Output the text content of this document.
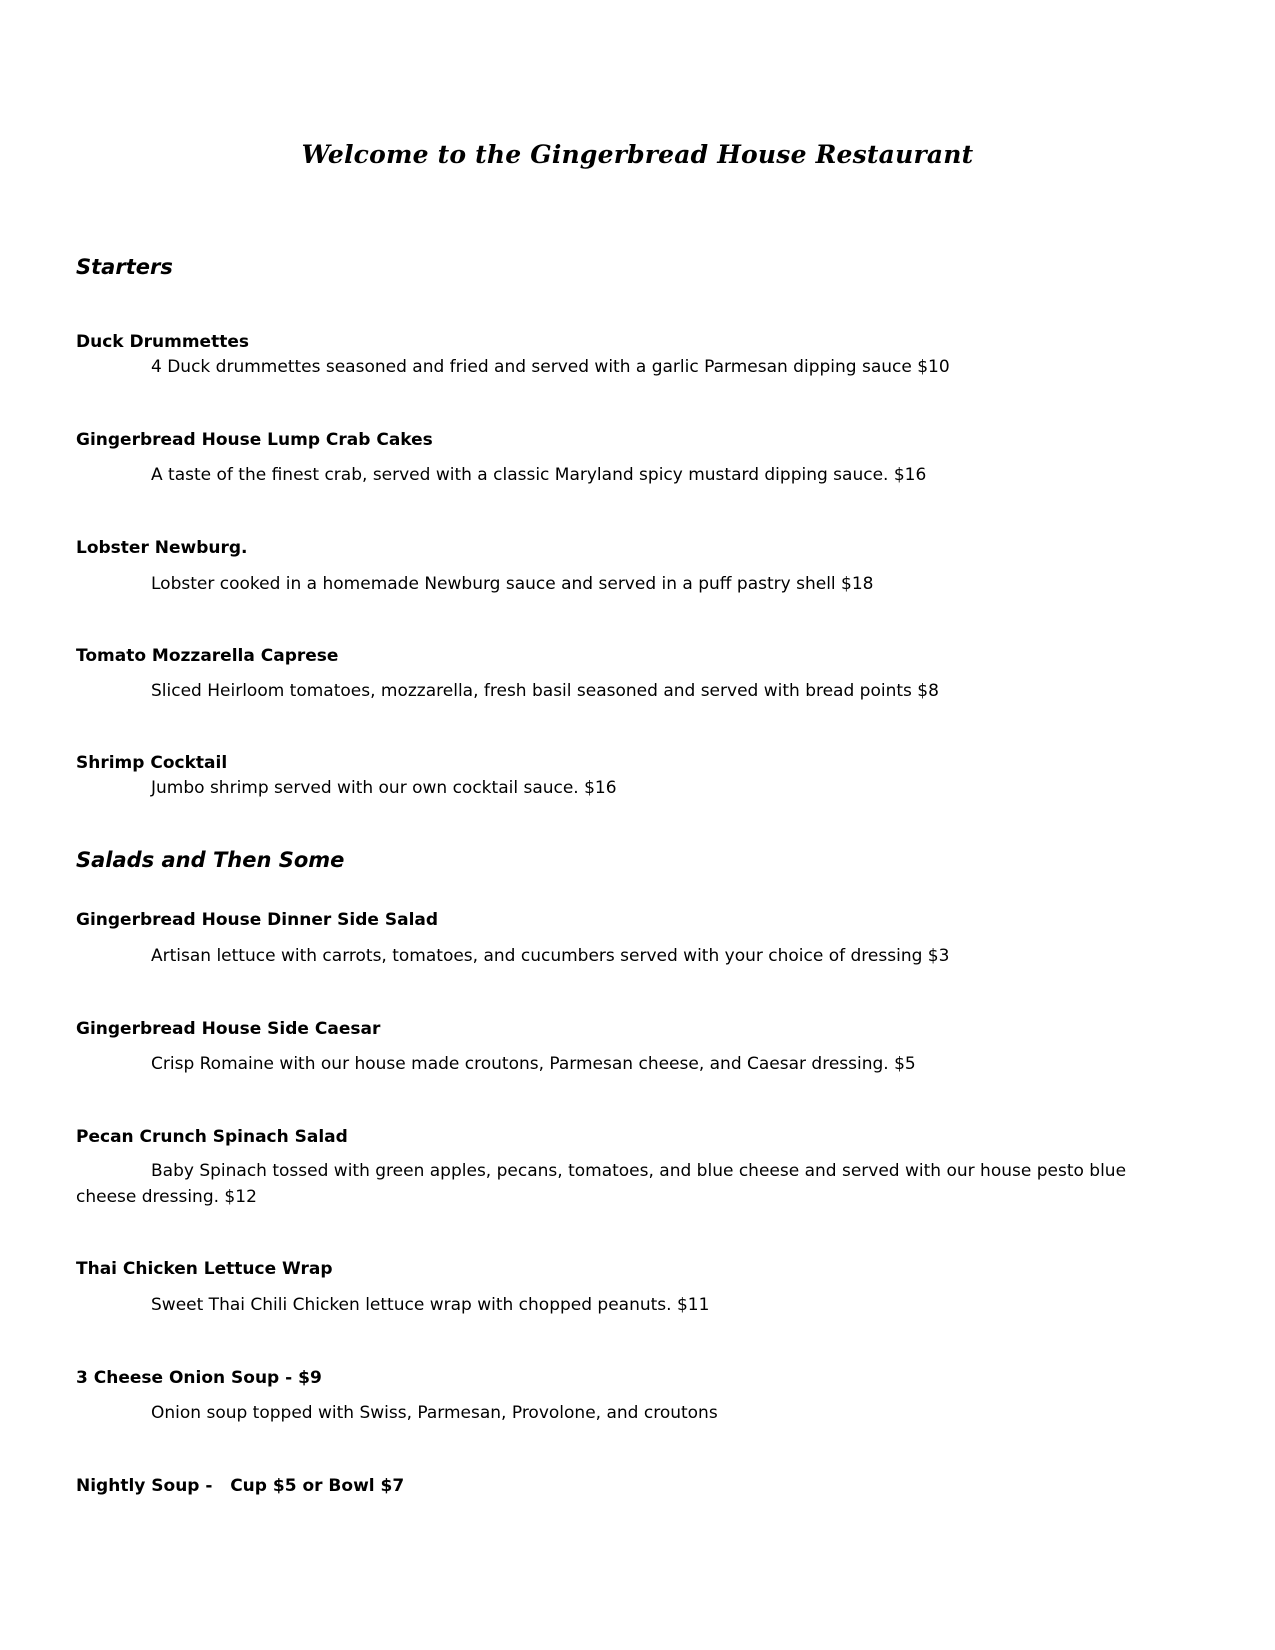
Welcome to the Gingerbread House Restaurant
Starters
Duck Drummettes
4 Duck drummettes seasoned and fried and served with a garlic Parmesan dipping sauce $10
Gingerbread House Lump Crab Cakes
A taste of the finest crab, served with a classic Maryland spicy mustard dipping sauce. $16
Lobster Newburg.
Lobster cooked in a homemade Newburg sauce and served in a puff pastry shell $18
Tomato Mozzarella Caprese
Sliced Heirloom tomatoes, mozzarella, fresh basil seasoned and served with bread points $8
Shrimp Cocktail
Jumbo shrimp served with our own cocktail sauce. $16
Salads and Then Some
Gingerbread House Dinner Side Salad
Artisan lettuce with carrots, tomatoes, and cucumbers served with your choice of dressing $3
Gingerbread House Side Caesar
Crisp Romaine with our house made croutons, Parmesan cheese, and Caesar dressing. $5
Pecan Crunch Spinach Salad
Baby Spinach tossed with green apples, pecans, tomatoes, and blue cheese and served with our house pesto blue cheese dressing. $12
Thai Chicken Lettuce Wrap
Sweet Thai Chili Chicken lettuce wrap with chopped peanuts. $11
3 Cheese Onion Soup - $9
Onion soup topped with Swiss, Parmesan, Provolone, and croutons
Nightly Soup -   Cup $5 or Bowl $7
